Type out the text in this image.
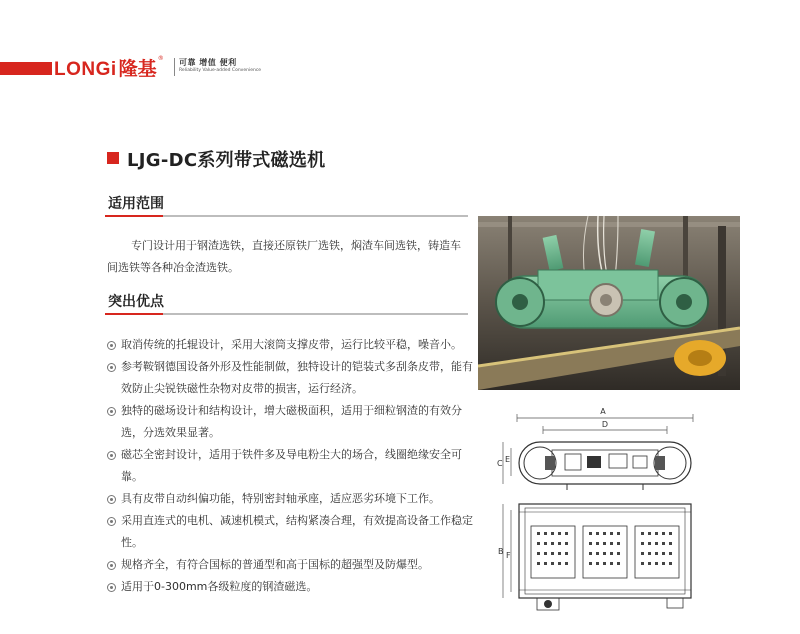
LONGi 隆基 ® 可靠 增值 便利
Reliability Value-added Convenience
LJG-DC系列带式磁选机
适用范围

专门设计用于钢渣选铁，直接还原铁厂选铁，焖渣车间选铁，铸造车间选铁等各种冶金渣选铁。

突出优点
取消传统的托辊设计，采用大滚筒支撑皮带，运行比较平稳，噪音小。
参考鞍钢德国设备外形及性能制做，独特设计的铠装式多刮条皮带，能有效防止尖锐铁磁性杂物对皮带的损害，运行经济。
独特的磁场设计和结构设计，增大磁极面积，适用于细粒钢渣的有效分选，分选效果显著。
磁芯全密封设计，适用于铁件多及导电粉尘大的场合，线圈绝缘安全可靠。
具有皮带自动纠偏功能，特别密封轴承座，适应恶劣环境下工作。
采用直连式的电机、减速机模式，结构紧凑合理，有效提高设备工作稳定性。
规格齐全，有符合国标的普通型和高于国标的超强型及防爆型。
适用于0-300mm各级粒度的钢渣磁选。
A
D
C E
B F
